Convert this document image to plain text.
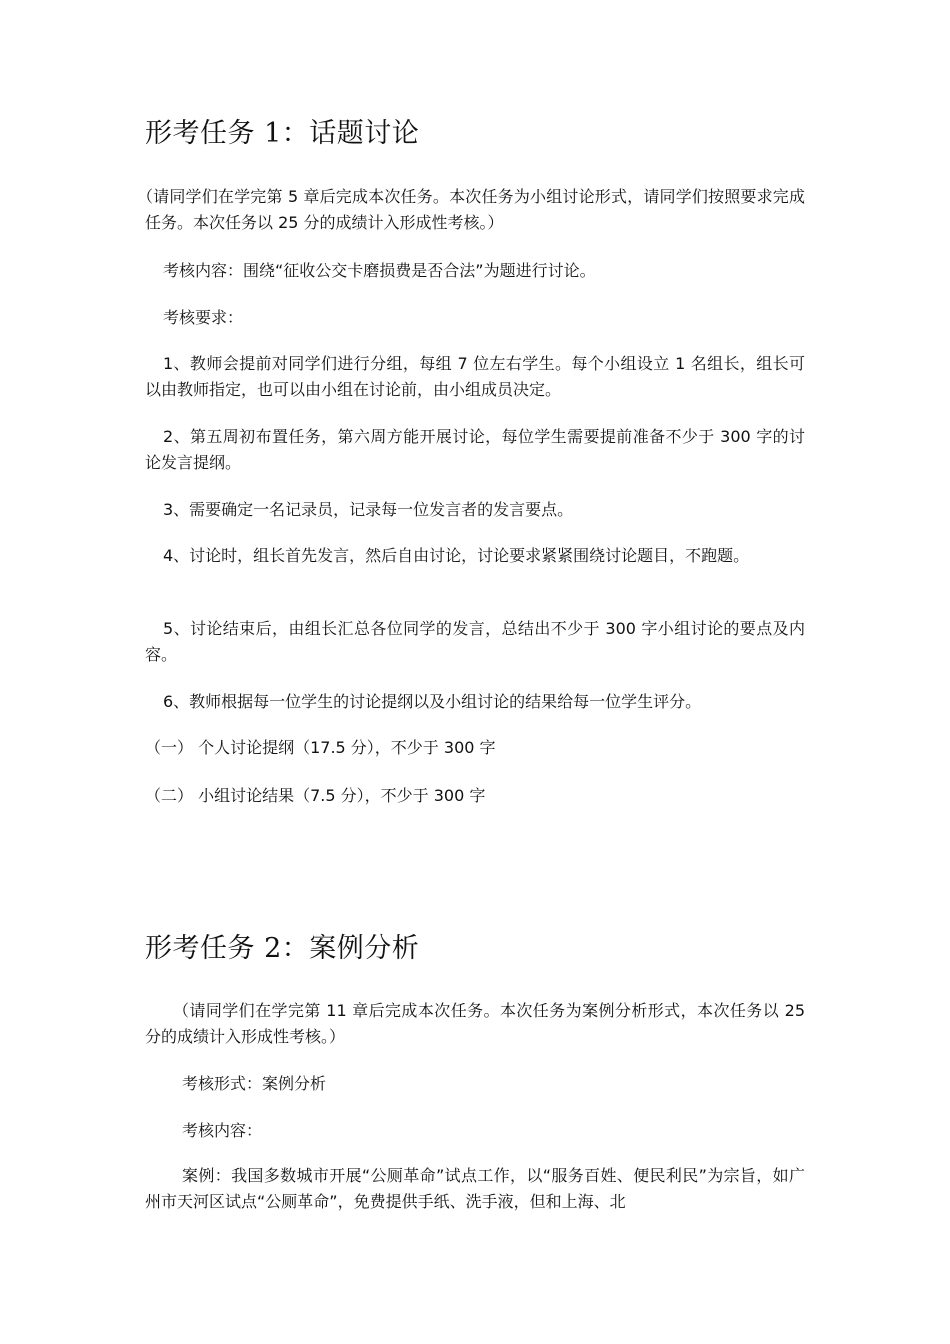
形考任务 1：话题讨论

（请同学们在学完第 5 章后完成本次任务。本次任务为小组讨论形式，请同学们按照要求完成任务。本次任务以 25 分的成绩计入形成性考核。）

考核内容：围绕“征收公交卡磨损费是否合法”为题进行讨论。

考核要求：

1、教师会提前对同学们进行分组，每组 7 位左右学生。每个小组设立 1 名组长，组长可以由教师指定，也可以由小组在讨论前，由小组成员决定。

2、第五周初布置任务，第六周方能开展讨论，每位学生需要提前准备不少于 300 字的讨论发言提纲。

3、需要确定一名记录员，记录每一位发言者的发言要点。

4、讨论时，组长首先发言，然后自由讨论，讨论要求紧紧围绕讨论题目，不跑题。

5、讨论结束后，由组长汇总各位同学的发言，总结出不少于 300 字小组讨论的要点及内容。

6、教师根据每一位学生的讨论提纲以及小组讨论的结果给每一位学生评分。

（一） 个人讨论提纲（17.5 分），不少于 300 字

（二） 小组讨论结果（7.5 分），不少于 300 字

形考任务 2：案例分析

（请同学们在学完第 11 章后完成本次任务。本次任务为案例分析形式，本次任务以 25 分的成绩计入形成性考核。）

考核形式：案例分析

考核内容：

案例：我国多数城市开展“公厕革命”试点工作，以“服务百姓、便民利民”为宗旨，如广州市天河区试点“公厕革命”，免费提供手纸、洗手液，但和上海、北
